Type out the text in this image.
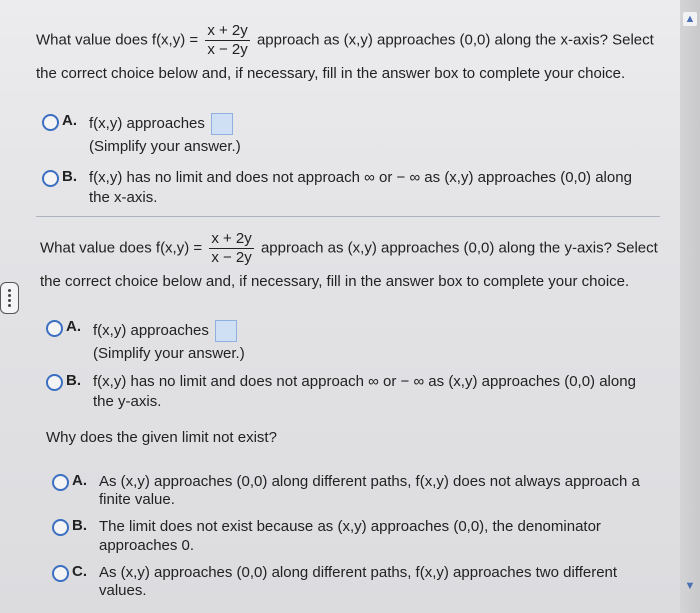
What value does $f(x,y) = \frac{x + 2y}{x - 2y}$ approach as (x,y) approaches (0,0) along the x-axis? Select
the correct choice below and, if necessary, fill in the answer box to complete your choice.
A. f(x,y) approaches
(Simplify your answer.)
B. f(x,y) has no limit and does not approach ∞ or − ∞ as (x,y) approaches (0,0) along
the x-axis.
What value does $f(x,y) = \frac{x + 2y}{x - 2y}$ approach as (x,y) approaches (0,0) along the y-axis? Select
the correct choice below and, if necessary, fill in the answer box to complete your choice.
A. f(x,y) approaches
(Simplify your answer.)
B. f(x,y) has no limit and does not approach ∞ or − ∞ as (x,y) approaches (0,0) along
the y-axis.
Why does the given limit not exist?
A. As (x,y) approaches (0,0) along different paths, f(x,y) does not always approach a
finite value.
B. The limit does not exist because as (x,y) approaches (0,0), the denominator
approaches 0.
C. As (x,y) approaches (0,0) along different paths, f(x,y) approaches two different
values.
▲
▼
